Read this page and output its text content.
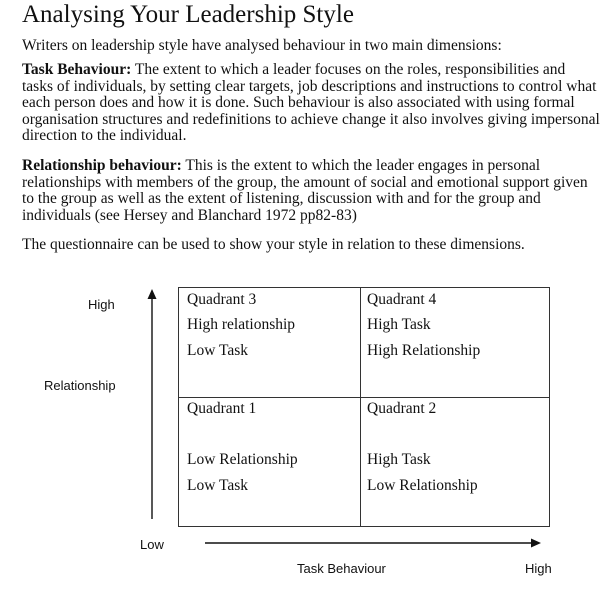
Analysing Your Leadership Style
Writers on leadership style have analysed behaviour in two main dimensions:
Task Behaviour: The extent to which a leader focuses on the roles, responsibilities and tasks of individuals, by setting clear targets, job descriptions and instructions to control what each person does and how it is done. Such behaviour is also associated with using formal organisation structures and redefinitions to achieve change it also involves giving impersonal direction to the individual.
Relationship behaviour: This is the extent to which the leader engages in personal relationships with members of the group, the amount of social and emotional support given to the group as well as the extent of listening, discussion with and for the group and individuals (see Hersey and Blanchard 1972 pp82-83)
The questionnaire can be used to show your style in relation to these dimensions.
High
Relationship
Low
Task Behaviour	High
Quadrant 3
High relationship
Low Task
Quadrant 4
High Task
High Relationship
Quadrant 1
Low Relationship
Low Task
Quadrant 2
High Task
Low Relationship
